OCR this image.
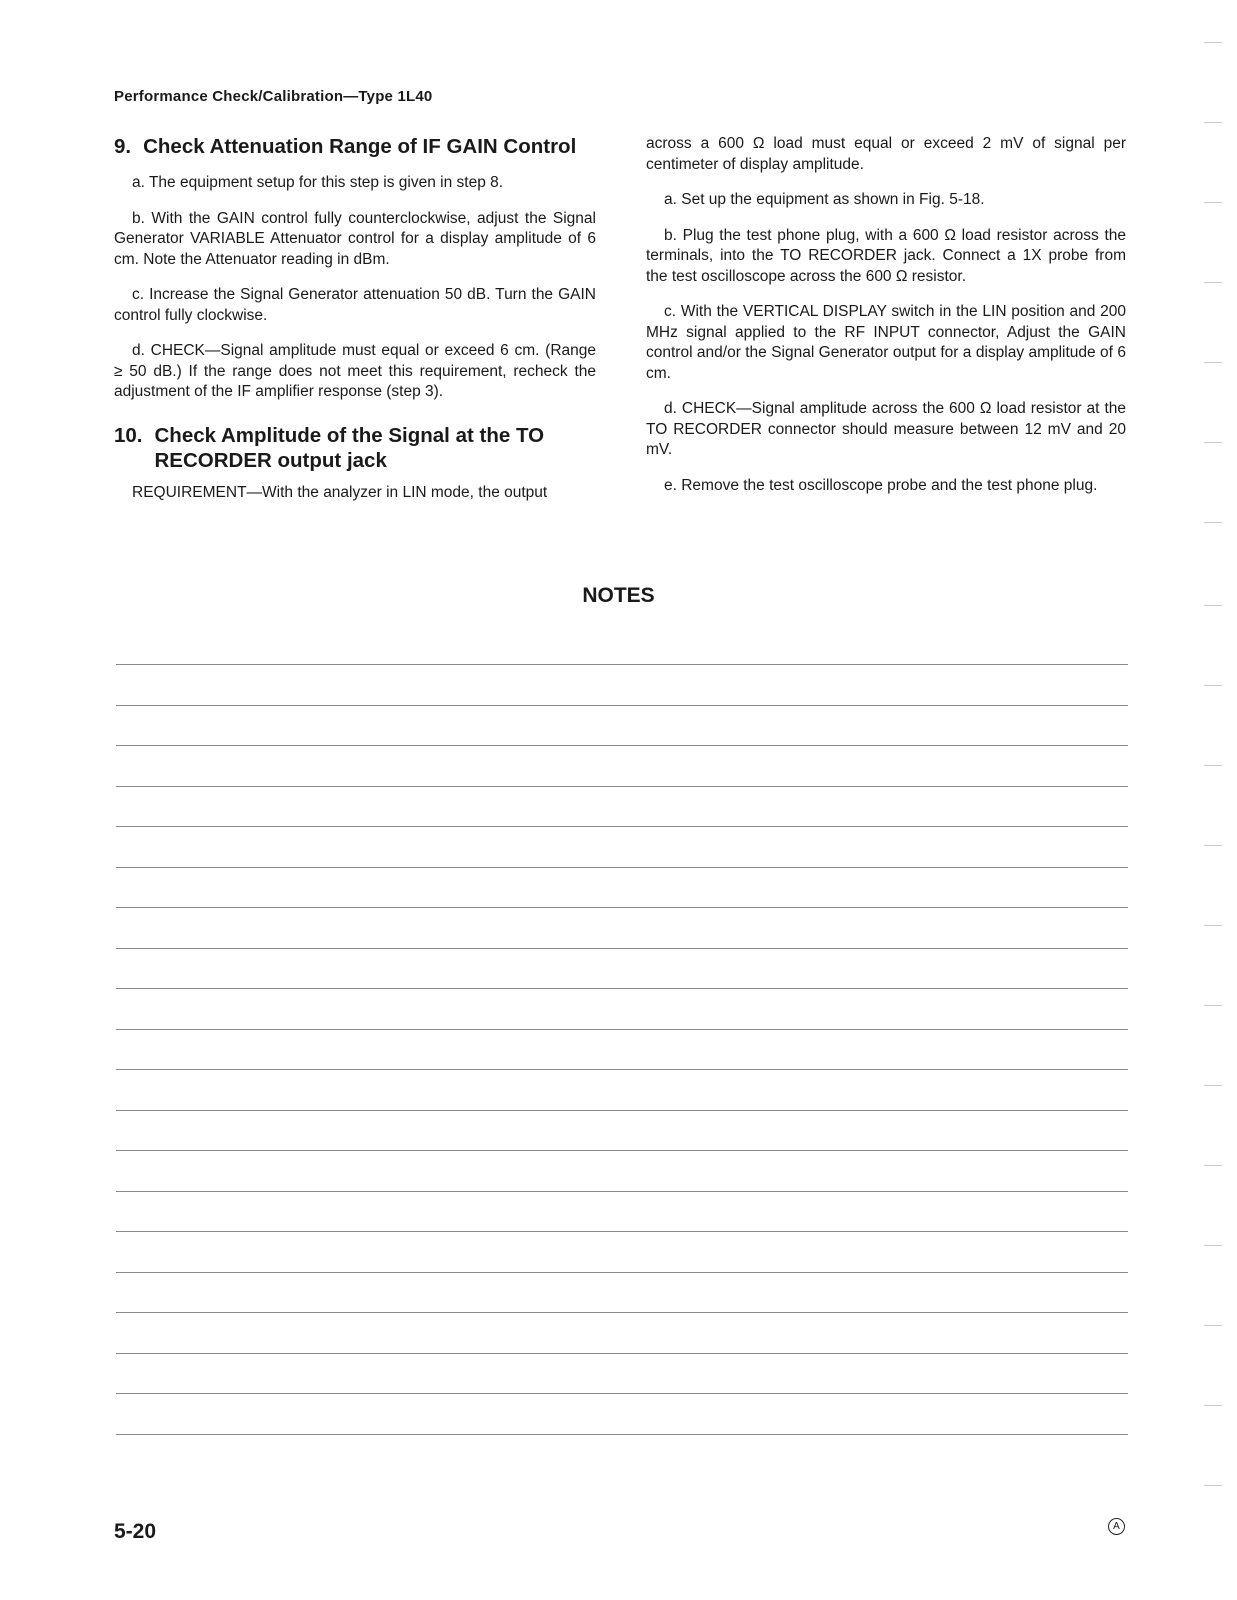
Performance Check/Calibration—Type 1L40
9. Check Attenuation Range of IF GAIN Control

a. The equipment setup for this step is given in step 8.

b. With the GAIN control fully counterclockwise, adjust the Signal Generator VARIABLE Attenuator control for a display amplitude of 6 cm. Note the Attenuator reading in dBm.

c. Increase the Signal Generator attenuation 50 dB. Turn the GAIN control fully clockwise.

d. CHECK—Signal amplitude must equal or exceed 6 cm. (Range ≥ 50 dB.) If the range does not meet this requirement, recheck the adjustment of the IF amplifier response (step 3).

10. Check Amplitude of the Signal at the TO RECORDER output jack

REQUIREMENT—With the analyzer in LIN mode, the output

across a 600 Ω load must equal or exceed 2 mV of signal per centimeter of display amplitude.

a. Set up the equipment as shown in Fig. 5-18.

b. Plug the test phone plug, with a 600 Ω load resistor across the terminals, into the TO RECORDER jack. Connect a 1X probe from the test oscilloscope across the 600 Ω resistor.

c. With the VERTICAL DISPLAY switch in the LIN position and 200 MHz signal applied to the RF INPUT connector, Adjust the GAIN control and/or the Signal Generator output for a display amplitude of 6 cm.

d. CHECK—Signal amplitude across the 600 Ω load resistor at the TO RECORDER connector should measure between 12 mV and 20 mV.

e. Remove the test oscilloscope probe and the test phone plug.

NOTES
5-20	A
